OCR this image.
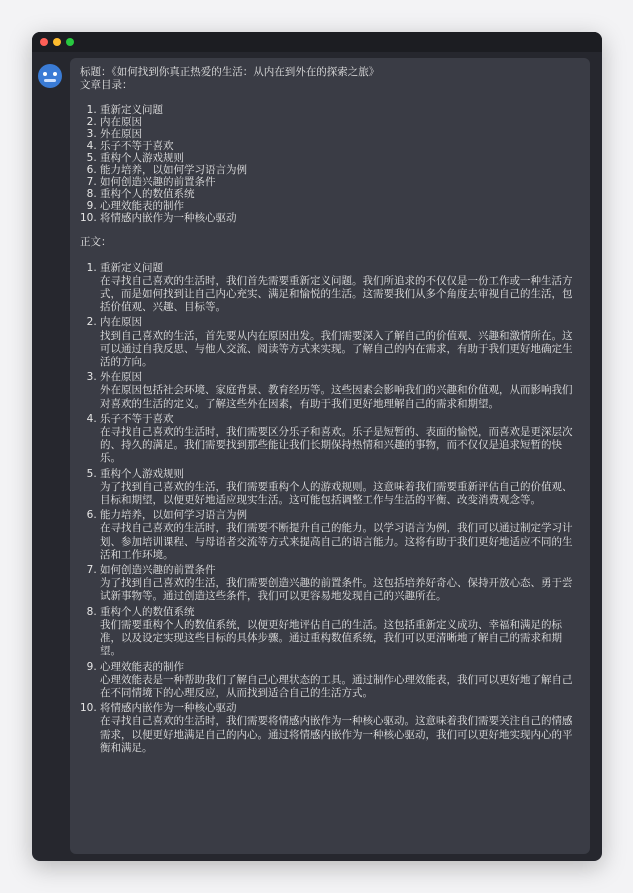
标题：《如何找到你真正热爱的生活：从内在到外在的探索之旅》
文章目录：
1. 重新定义问题
2. 内在原因
3. 外在原因
4. 乐子不等于喜欢
5. 重构个人游戏规则
6. 能力培养，以如何学习语言为例
7. 如何创造兴趣的前置条件
8. 重构个人的数值系统
9. 心理效能表的制作
10. 将情感内嵌作为一种核心驱动
正文：
1. 重新定义问题
在寻找自己喜欢的生活时，我们首先需要重新定义问题。我们所追求的不仅仅是一份工作或一种生活方式，而是如何找到让自己内心充实、满足和愉悦的生活。这需要我们从多个角度去审视自己的生活，包括价值观、兴趣、目标等。
2. 内在原因
找到自己喜欢的生活，首先要从内在原因出发。我们需要深入了解自己的价值观、兴趣和激情所在。这可以通过自我反思、与他人交流、阅读等方式来实现。了解自己的内在需求，有助于我们更好地确定生活的方向。
3. 外在原因
外在原因包括社会环境、家庭背景、教育经历等。这些因素会影响我们的兴趣和价值观，从而影响我们对喜欢的生活的定义。了解这些外在因素，有助于我们更好地理解自己的需求和期望。
4. 乐子不等于喜欢
在寻找自己喜欢的生活时，我们需要区分乐子和喜欢。乐子是短暂的、表面的愉悦，而喜欢是更深层次的、持久的满足。我们需要找到那些能让我们长期保持热情和兴趣的事物，而不仅仅是追求短暂的快乐。
5. 重构个人游戏规则
为了找到自己喜欢的生活，我们需要重构个人的游戏规则。这意味着我们需要重新评估自己的价值观、目标和期望，以便更好地适应现实生活。这可能包括调整工作与生活的平衡、改变消费观念等。
6. 能力培养，以如何学习语言为例
在寻找自己喜欢的生活时，我们需要不断提升自己的能力。以学习语言为例，我们可以通过制定学习计划、参加培训课程、与母语者交流等方式来提高自己的语言能力。这将有助于我们更好地适应不同的生活和工作环境。
7. 如何创造兴趣的前置条件
为了找到自己喜欢的生活，我们需要创造兴趣的前置条件。这包括培养好奇心、保持开放心态、勇于尝试新事物等。通过创造这些条件，我们可以更容易地发现自己的兴趣所在。
8. 重构个人的数值系统
我们需要重构个人的数值系统，以便更好地评估自己的生活。这包括重新定义成功、幸福和满足的标准，以及设定实现这些目标的具体步骤。通过重构数值系统，我们可以更清晰地了解自己的需求和期望。
9. 心理效能表的制作
心理效能表是一种帮助我们了解自己心理状态的工具。通过制作心理效能表，我们可以更好地了解自己在不同情境下的心理反应，从而找到适合自己的生活方式。
10. 将情感内嵌作为一种核心驱动
在寻找自己喜欢的生活时，我们需要将情感内嵌作为一种核心驱动。这意味着我们需要关注自己的情感需求，以便更好地满足自己的内心。通过将情感内嵌作为一种核心驱动，我们可以更好地实现内心的平衡和满足。
